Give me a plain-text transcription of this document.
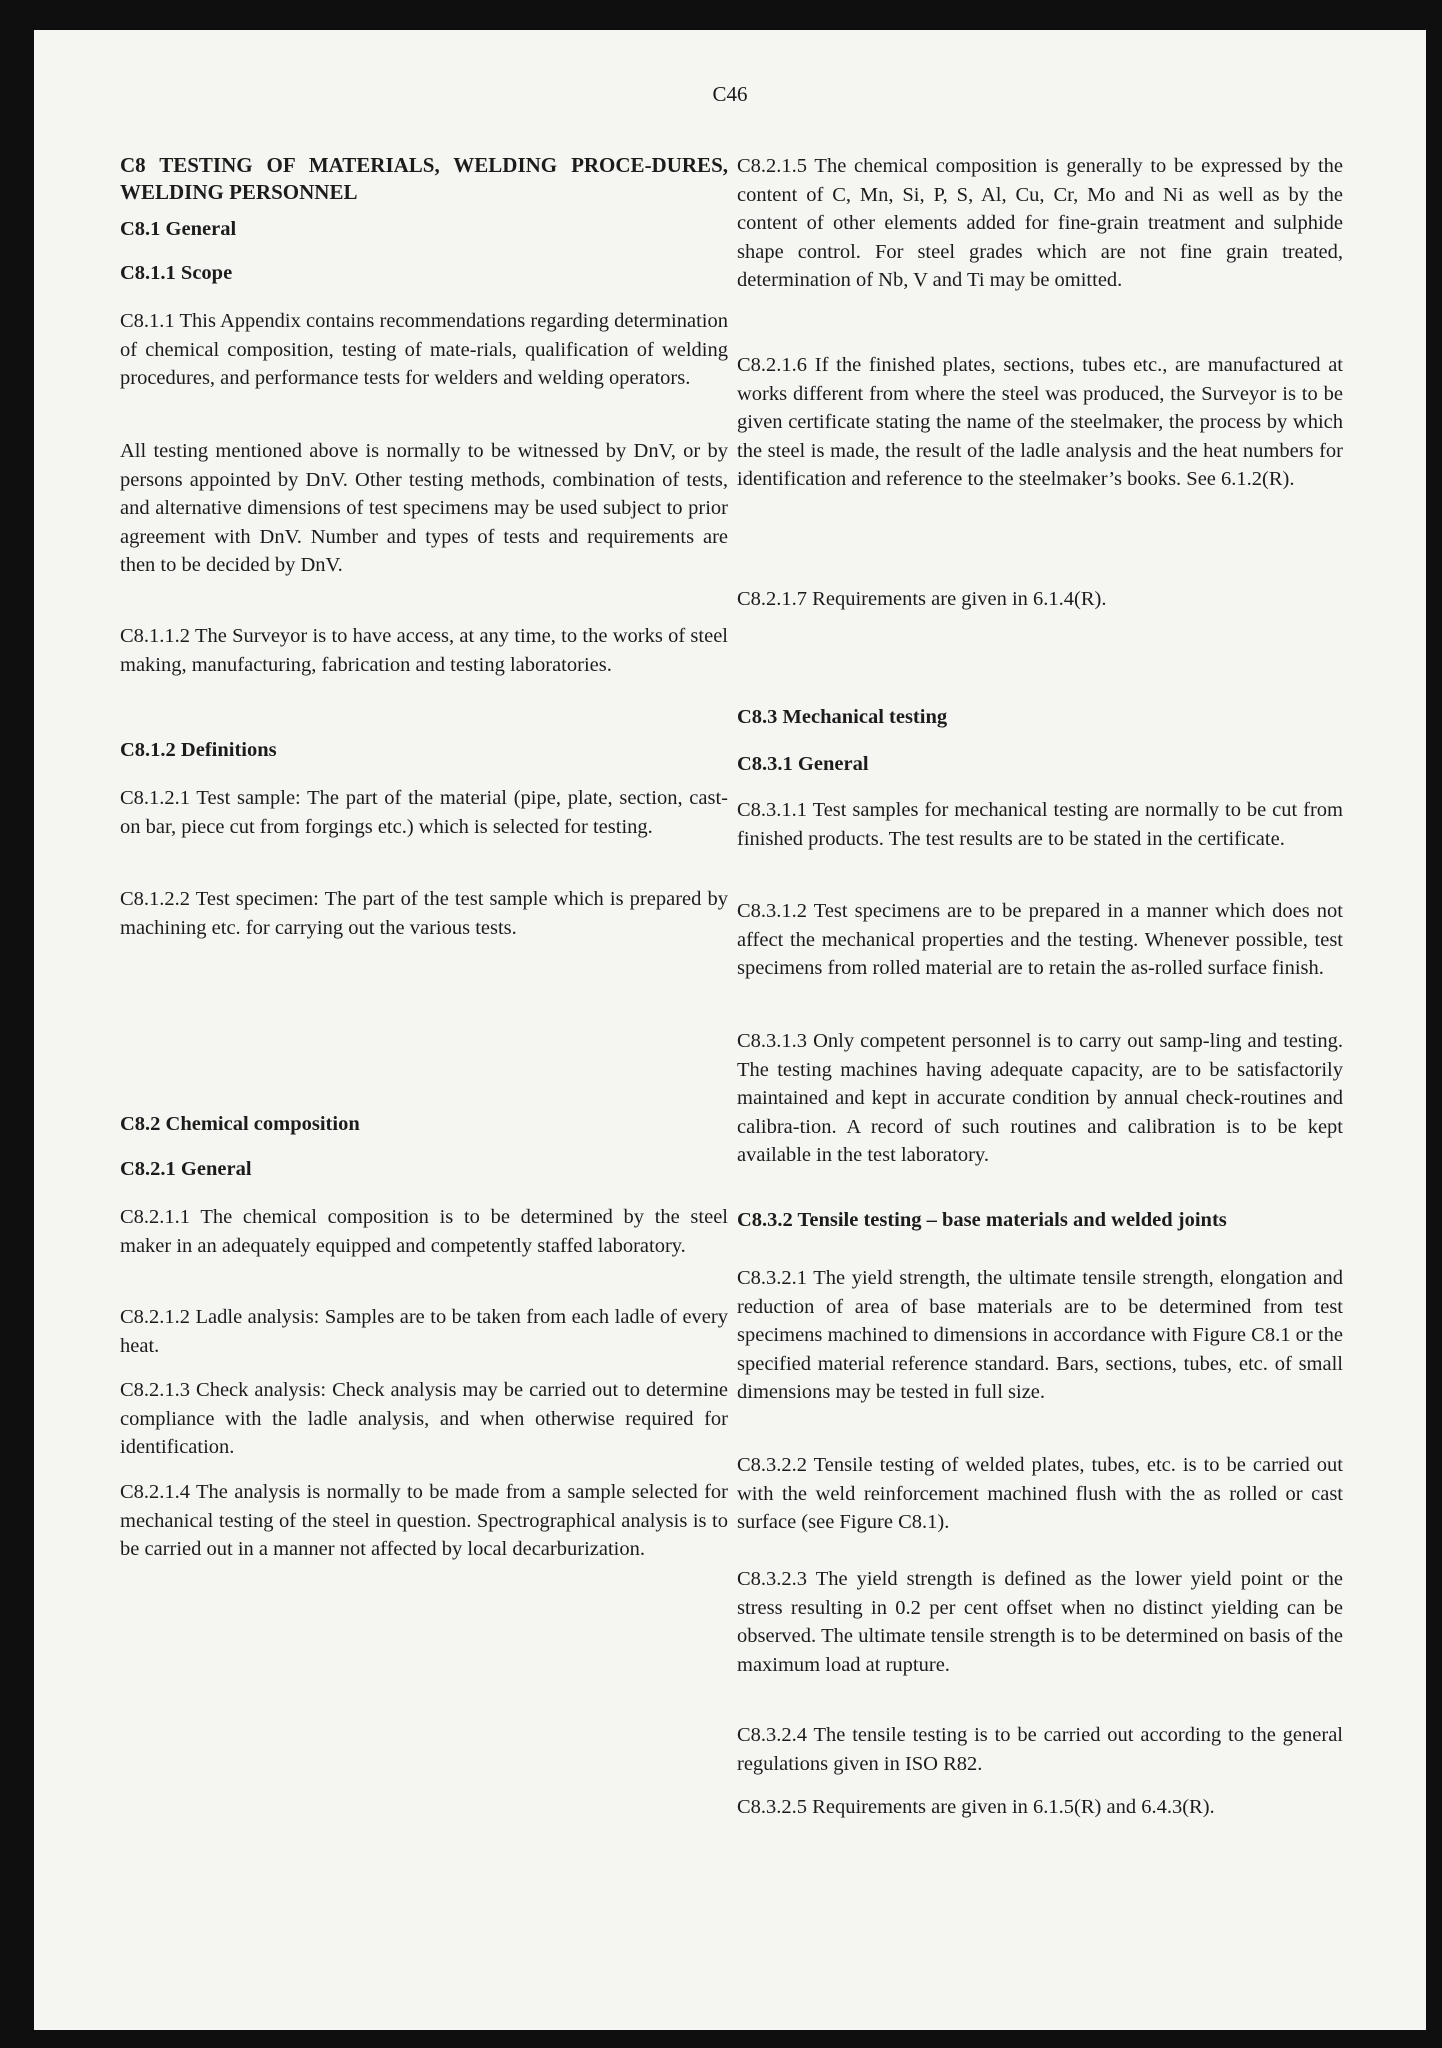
C46
C8 TESTING OF MATERIALS, WELDING PROCE-DURES, WELDING PERSONNEL
C8.1 General
C8.1.1 Scope

C8.1.1 This Appendix contains recommendations regarding determination of chemical composition, testing of mate-rials, qualification of welding procedures, and performance tests for welders and welding operators.

All testing mentioned above is normally to be witnessed by DnV, or by persons appointed by DnV. Other testing methods, combination of tests, and alternative dimensions of test specimens may be used subject to prior agreement with DnV. Number and types of tests and requirements are then to be decided by DnV.

C8.1.1.2 The Surveyor is to have access, at any time, to the works of steel making, manufacturing, fabrication and testing laboratories.

C8.1.2 Definitions

C8.1.2.1 Test sample: The part of the material (pipe, plate, section, cast-on bar, piece cut from forgings etc.) which is selected for testing.

C8.1.2.2 Test specimen: The part of the test sample which is prepared by machining etc. for carrying out the various tests.

C8.2 Chemical composition
C8.2.1 General

C8.2.1.1 The chemical composition is to be determined by the steel maker in an adequately equipped and competently staffed laboratory.

C8.2.1.2 Ladle analysis: Samples are to be taken from each ladle of every heat.

C8.2.1.3 Check analysis: Check analysis may be carried out to determine compliance with the ladle analysis, and when otherwise required for identification.

C8.2.1.4 The analysis is normally to be made from a sample selected for mechanical testing of the steel in question. Spectrographical analysis is to be carried out in a manner not affected by local decarburization.

C8.2.1.5 The chemical composition is generally to be expressed by the content of C, Mn, Si, P, S, Al, Cu, Cr, Mo and Ni as well as by the content of other elements added for fine-grain treatment and sulphide shape control. For steel grades which are not fine grain treated, determination of Nb, V and Ti may be omitted.

C8.2.1.6 If the finished plates, sections, tubes etc., are manufactured at works different from where the steel was produced, the Surveyor is to be given certificate stating the name of the steelmaker, the process by which the steel is made, the result of the ladle analysis and the heat numbers for identification and reference to the steelmaker’s books. See 6.1.2(R).

C8.2.1.7 Requirements are given in 6.1.4(R).

C8.3 Mechanical testing
C8.3.1 General

C8.3.1.1 Test samples for mechanical testing are normally to be cut from finished products. The test results are to be stated in the certificate.

C8.3.1.2 Test specimens are to be prepared in a manner which does not affect the mechanical properties and the testing. Whenever possible, test specimens from rolled material are to retain the as-rolled surface finish.

C8.3.1.3 Only competent personnel is to carry out samp-ling and testing. The testing machines having adequate capacity, are to be satisfactorily maintained and kept in accurate condition by annual check-routines and calibra-tion. A record of such routines and calibration is to be kept available in the test laboratory.

C8.3.2 Tensile testing – base materials and welded joints

C8.3.2.1 The yield strength, the ultimate tensile strength, elongation and reduction of area of base materials are to be determined from test specimens machined to dimensions in accordance with Figure C8.1 or the specified material reference standard. Bars, sections, tubes, etc. of small dimensions may be tested in full size.

C8.3.2.2 Tensile testing of welded plates, tubes, etc. is to be carried out with the weld reinforcement machined flush with the as rolled or cast surface (see Figure C8.1).

C8.3.2.3 The yield strength is defined as the lower yield point or the stress resulting in 0.2 per cent offset when no distinct yielding can be observed. The ultimate tensile strength is to be determined on basis of the maximum load at rupture.

C8.3.2.4 The tensile testing is to be carried out according to the general regulations given in ISO R82.

C8.3.2.5 Requirements are given in 6.1.5(R) and 6.4.3(R).
